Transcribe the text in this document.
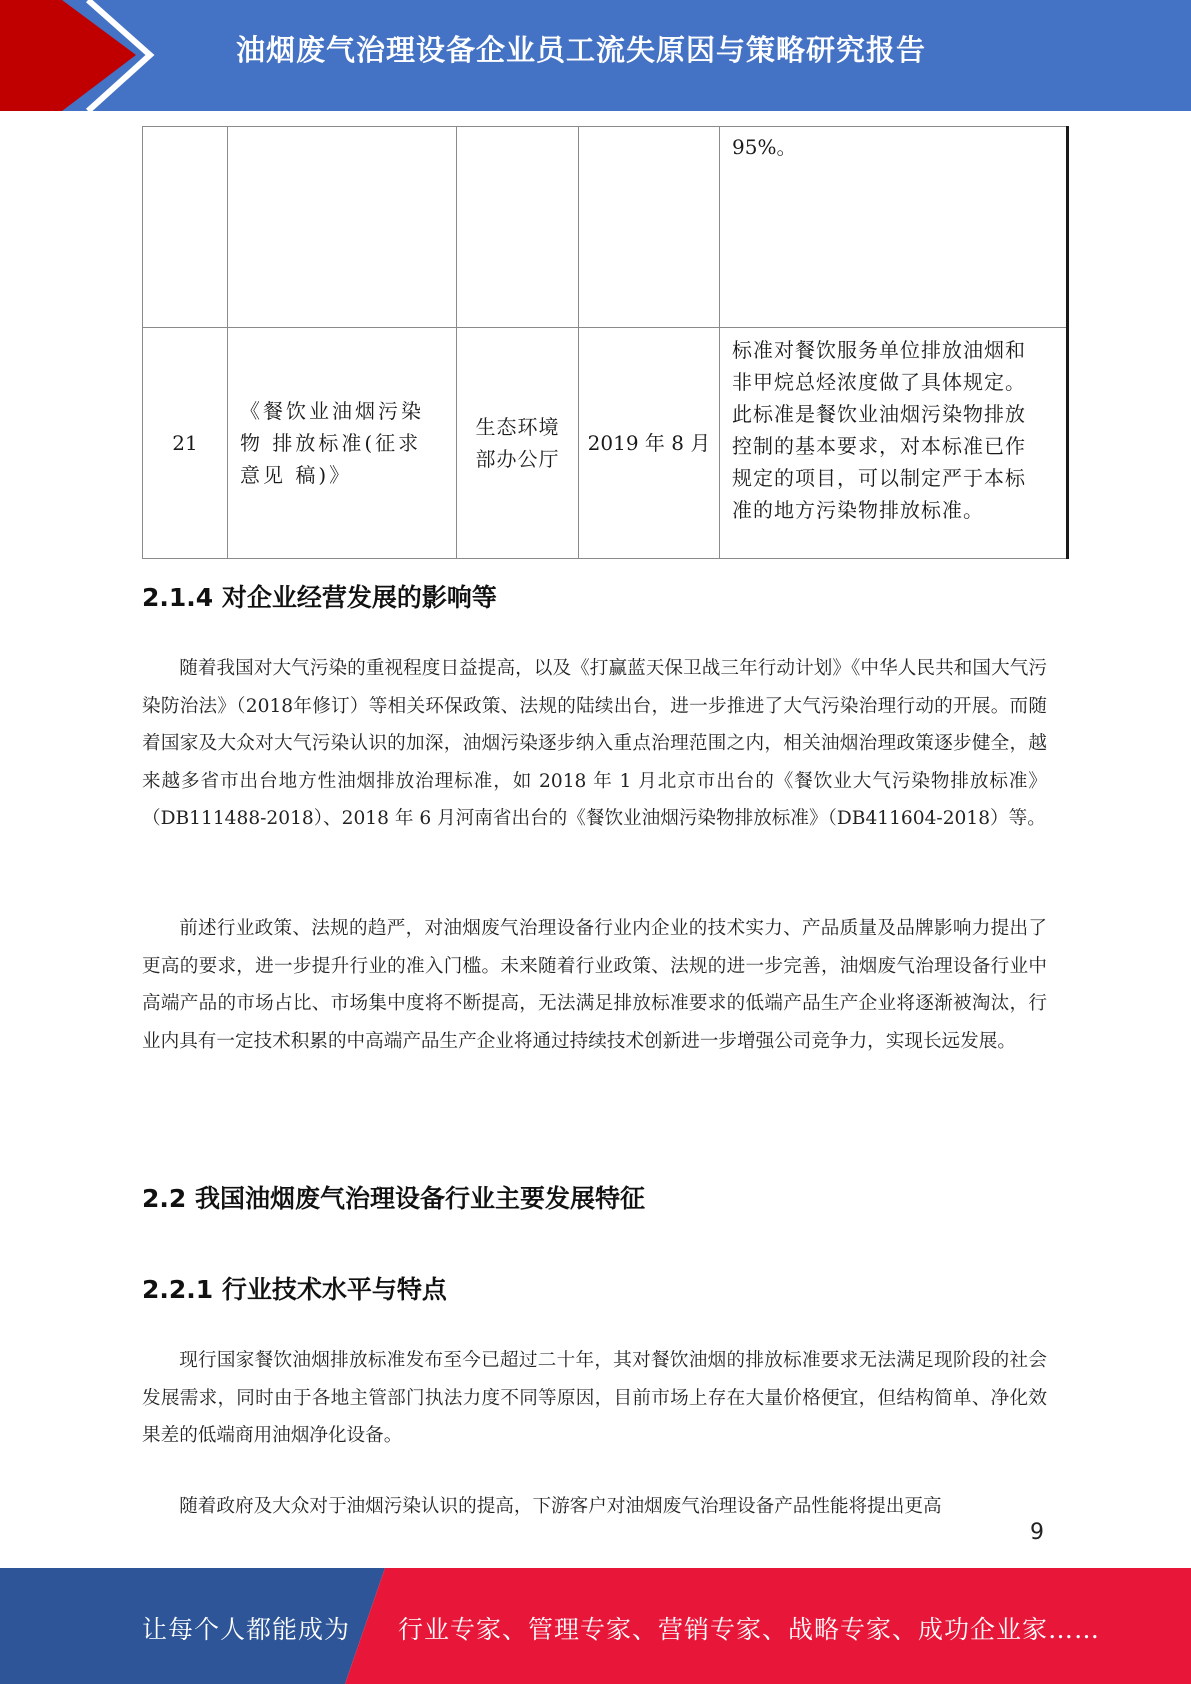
油烟废气治理设备企业员工流失原因与策略研究报告
				95%。
21	《餐饮业油烟污染物 排放标准(征求意见 稿)》	生态环境部办公厅	2019 年 8 月	标准对餐饮服务单位排放油烟和 非甲烷总烃浓度做了具体规定。 此标准是餐饮业油烟污染物排放 控制的基本要求，对本标准已作 规定的项目，可以制定严于本标 准的地方污染物排放标准。
2.1.4 对企业经营发展的影响等
随着我国对大气污染的重视程度日益提高，以及《打赢蓝天保卫战三年行动计划》《中华人民共和国大气污染防治法》（2018年修订）等相关环保政策、法规的陆续出台，进一步推进了大气污染治理行动的开展。而随着国家及大众对大气污染认识的加深，油烟污染逐步纳入重点治理范围之内，相关油烟治理政策逐步健全，越来越多省市出台地方性油烟排放治理标准，如 2018 年 1 月北京市出台的《餐饮业大气污染物排放标准》（DB111488-2018）、2018 年 6 月河南省出台的《餐饮业油烟污染物排放标准》（DB411604-2018）等。
前述行业政策、法规的趋严，对油烟废气治理设备行业内企业的技术实力、产品质量及品牌影响力提出了更高的要求，进一步提升行业的准入门槛。未来随着行业政策、法规的进一步完善，油烟废气治理设备行业中高端产品的市场占比、市场集中度将不断提高，无法满足排放标准要求的低端产品生产企业将逐渐被淘汰，行业内具有一定技术积累的中高端产品生产企业将通过持续技术创新进一步增强公司竞争力，实现长远发展。
2.2 我国油烟废气治理设备行业主要发展特征
2.2.1 行业技术水平与特点
现行国家餐饮油烟排放标准发布至今已超过二十年，其对餐饮油烟的排放标准要求无法满足现阶段的社会发展需求，同时由于各地主管部门执法力度不同等原因，目前市场上存在大量价格便宜，但结构简单、净化效果差的低端商用油烟净化设备。
随着政府及大众对于油烟污染认识的提高，下游客户对油烟废气治理设备产品性能将提出更高
9
让每个人都能成为 行业专家、管理专家、营销专家、战略专家、成功企业家……
